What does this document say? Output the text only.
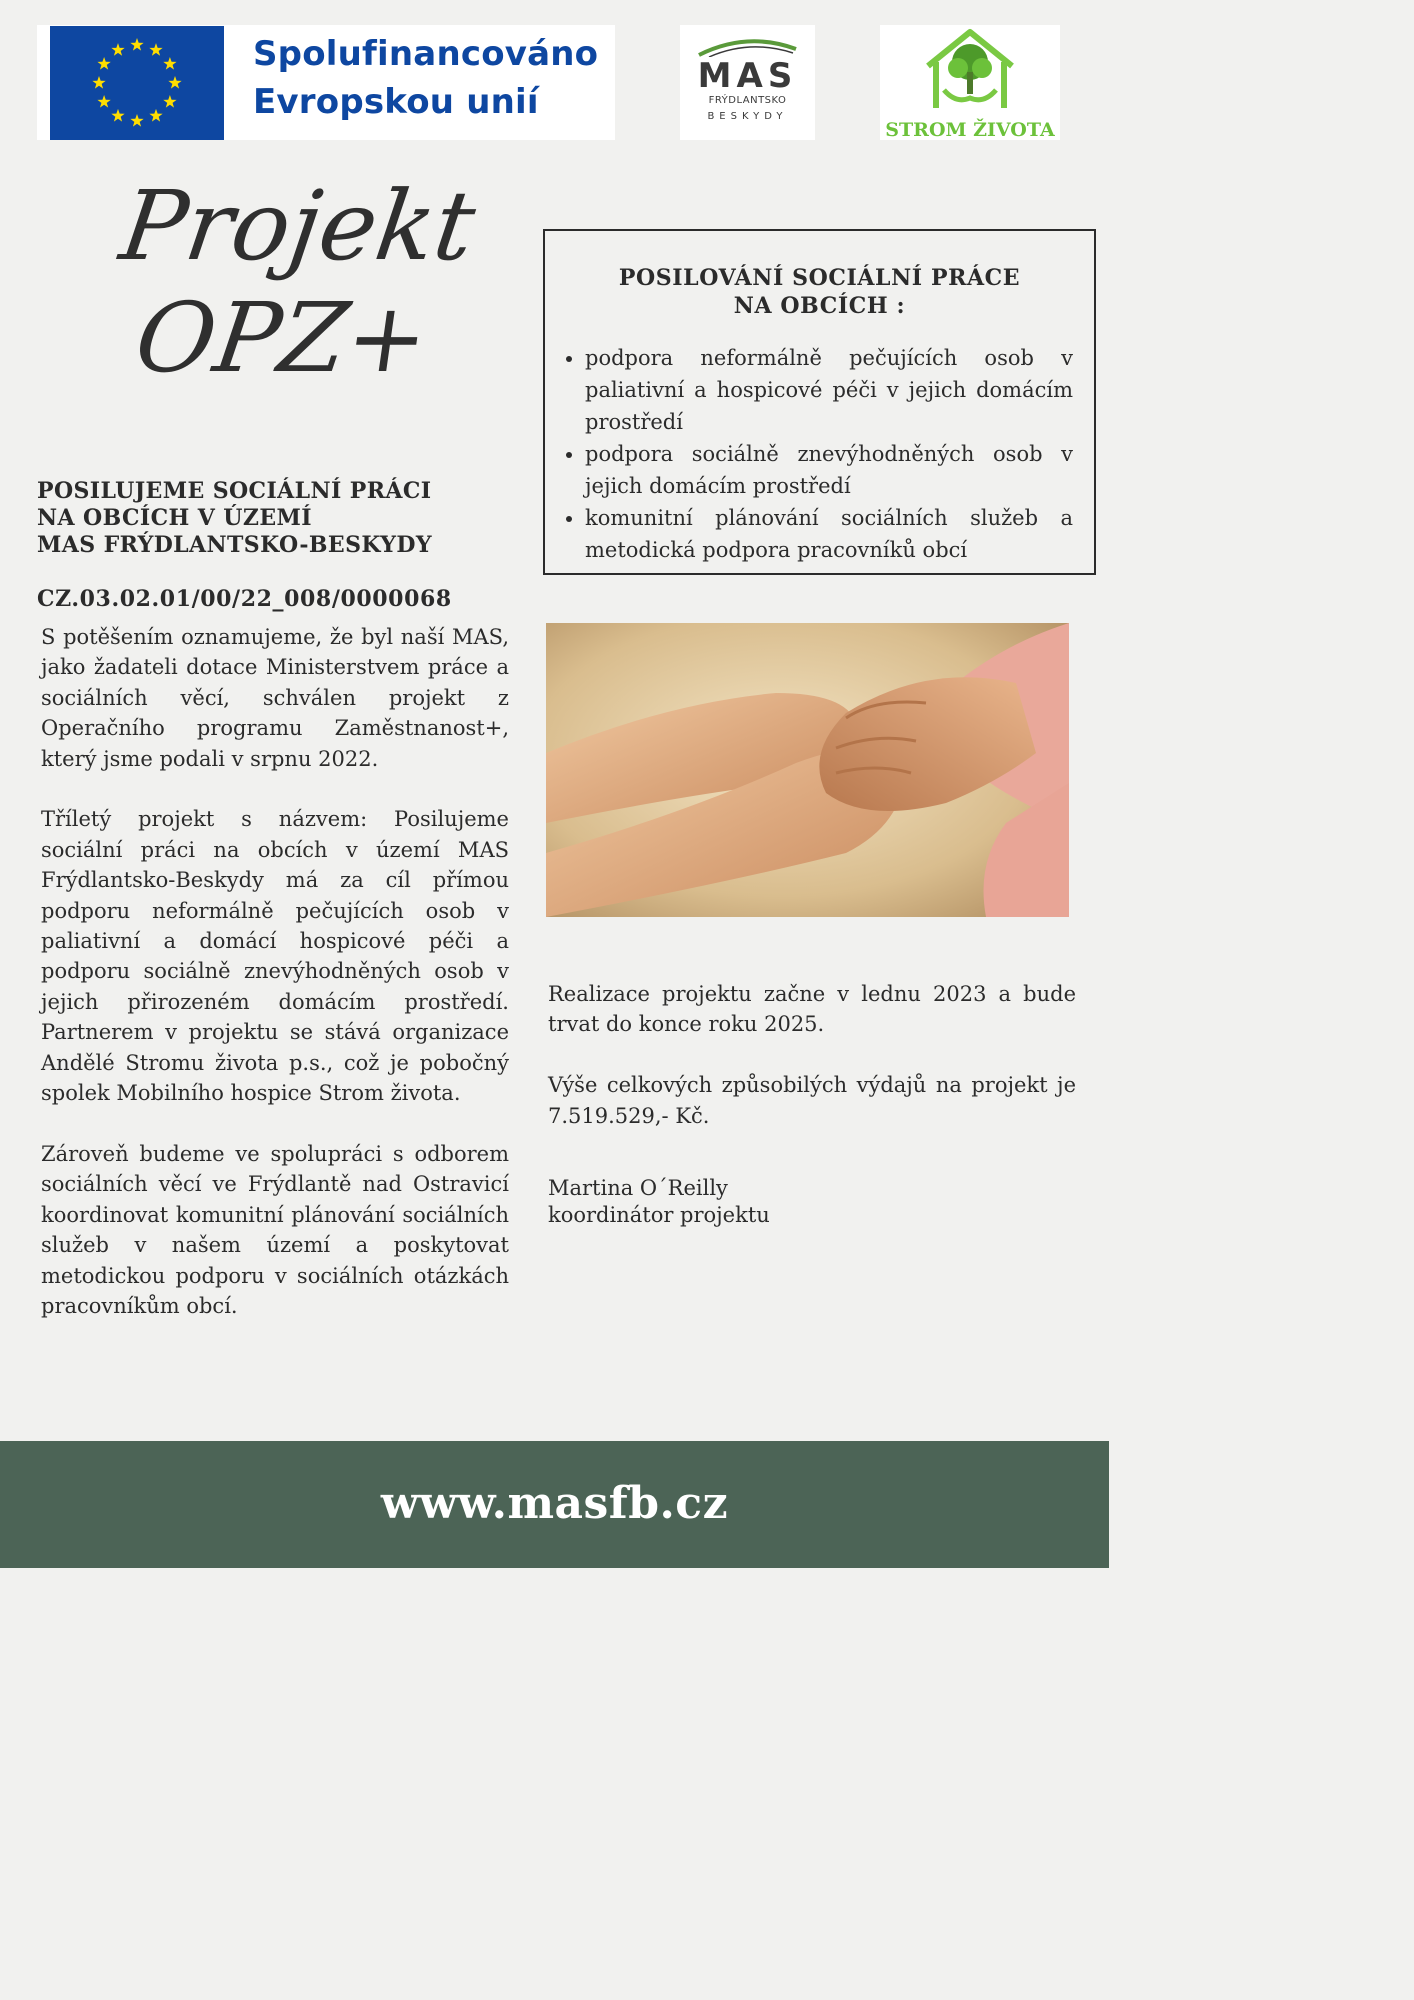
Spolufinancováno
Evropskou unií
MAS
FRÝDLANTSKO
BESKYDY
STROM ŽIVOTA
Projekt
OPZ+
POSILUJEME SOCIÁLNÍ PRÁCI
NA OBCÍCH V ÚZEMÍ
MAS FRÝDLANTSKO-BESKYDY
CZ.03.02.01/00/22_008/0000068

S potěšením oznamujeme, že byl naší MAS, jako žadateli dotace Ministerstvem práce a sociálních věcí, schválen projekt z Operačního programu Zaměstnanost+, který jsme podali v srpnu 2022.

Tříletý projekt s názvem: Posilujeme sociální práci na obcích v území MAS Frýdlantsko-Beskydy má za cíl přímou podporu neformálně pečujících osob v paliativní a domácí hospicové péči a podporu sociálně znevýhodněných osob v jejich přirozeném domácím prostředí. Partnerem v projektu se stává organizace Andělé Stromu života p.s., což je pobočný spolek Mobilního hospice Strom života.

Zároveň budeme ve spolupráci s odborem sociálních věcí ve Frýdlantě nad Ostravicí koordinovat komunitní plánování sociálních služeb v našem území a poskytovat metodickou podporu v sociálních otázkách pracovníkům obcí.

POSILOVÁNÍ SOCIÁLNÍ PRÁCE
NA OBCÍCH :
• podpora neformálně pečujících osob v paliativní a hospicové péči v jejich domácím prostředí
• podpora sociálně znevýhodněných osob v jejich domácím prostředí
• komunitní plánování sociálních služeb a metodická podpora pracovníků obcí

Realizace projektu začne v lednu 2023 a bude trvat do konce roku 2025.

Výše celkových způsobilých výdajů na projekt je 7.519.529,- Kč.

Martina O´Reilly
koordinátor projektu
www.masfb.cz
